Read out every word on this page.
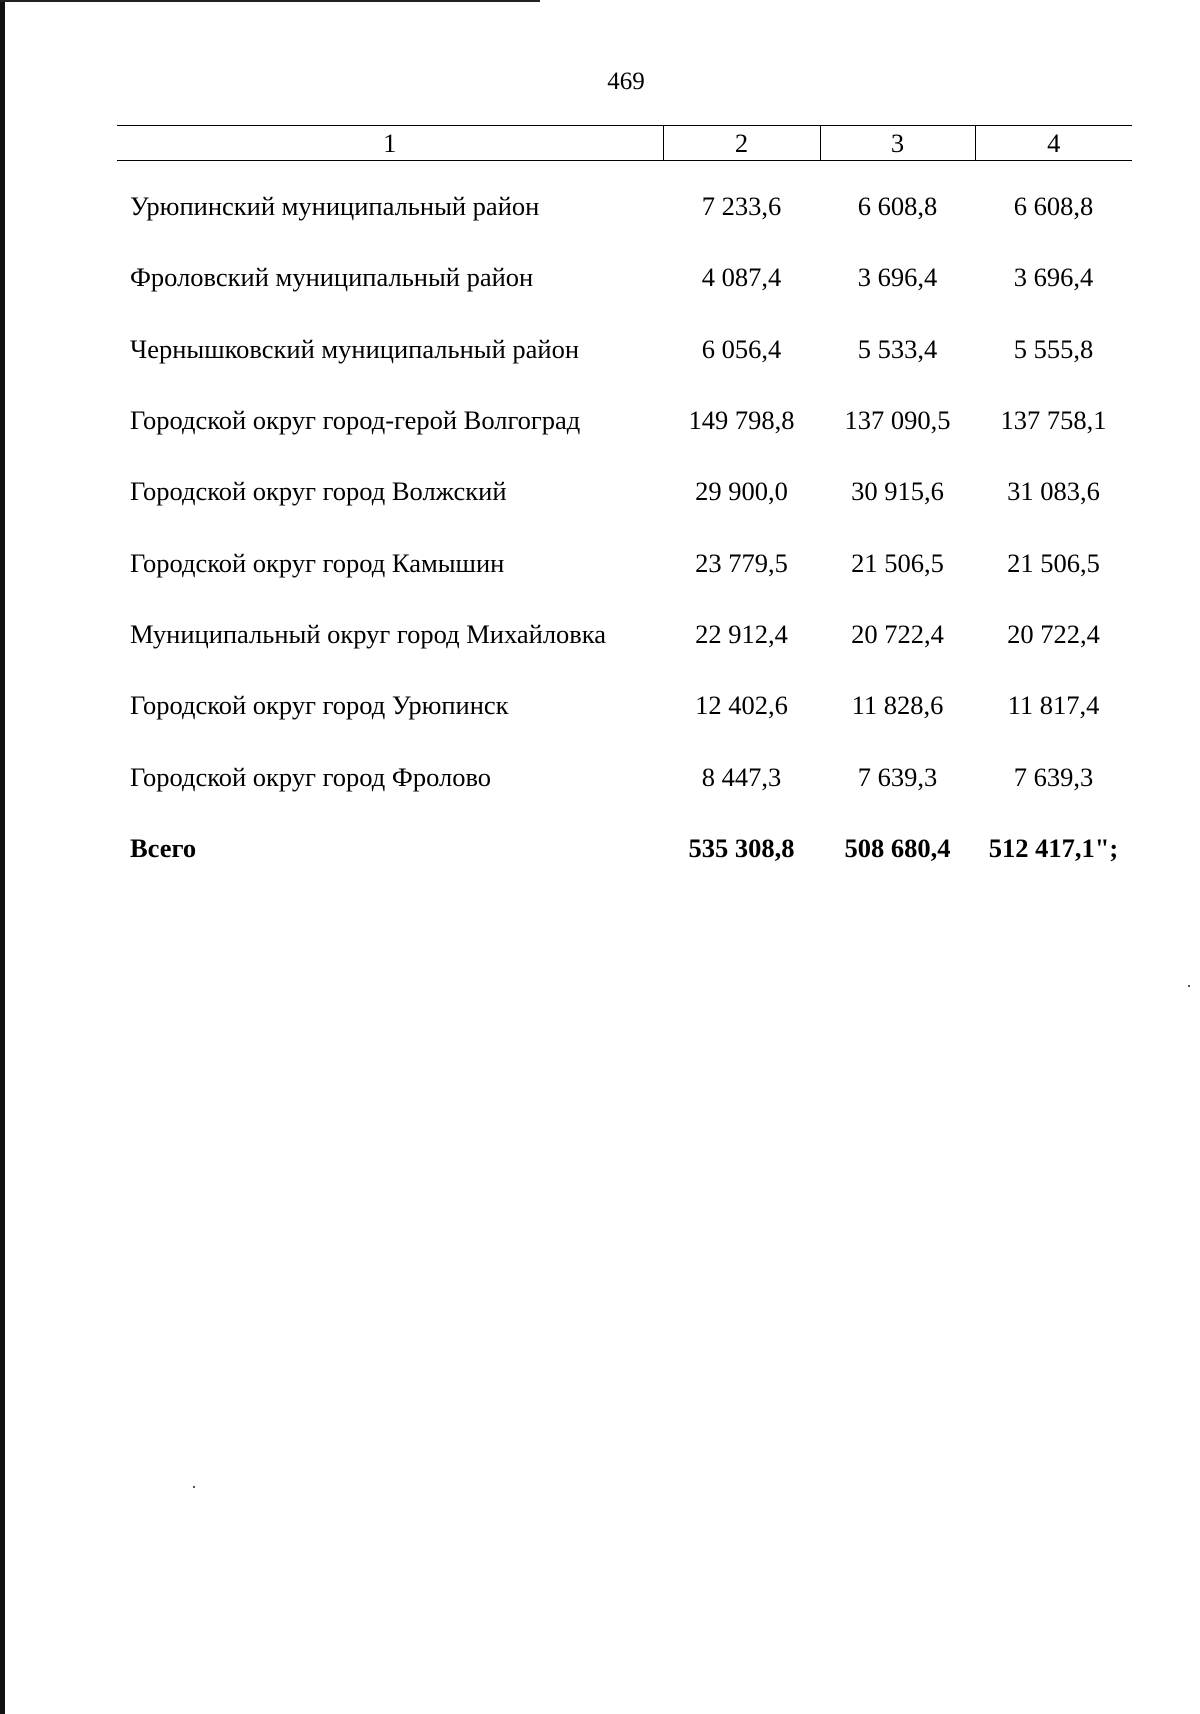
469
1	2	3	4
Урюпинский муниципальный район	7 233,6	6 608,8	6 608,8
Фроловский муниципальный район	4 087,4	3 696,4	3 696,4
Чернышковский муниципальный район	6 056,4	5 533,4	5 555,8
Городской округ город-герой Волгоград	149 798,8	137 090,5	137 758,1
Городской округ город Волжский	29 900,0	30 915,6	31 083,6
Городской округ город Камышин	23 779,5	21 506,5	21 506,5
Муниципальный округ город Михайловка	22 912,4	20 722,4	20 722,4
Городской округ город Урюпинск	12 402,6	11 828,6	11 817,4
Городской округ город Фролово	8 447,3	7 639,3	7 639,3
Всего	535 308,8	508 680,4	512 417,1";
